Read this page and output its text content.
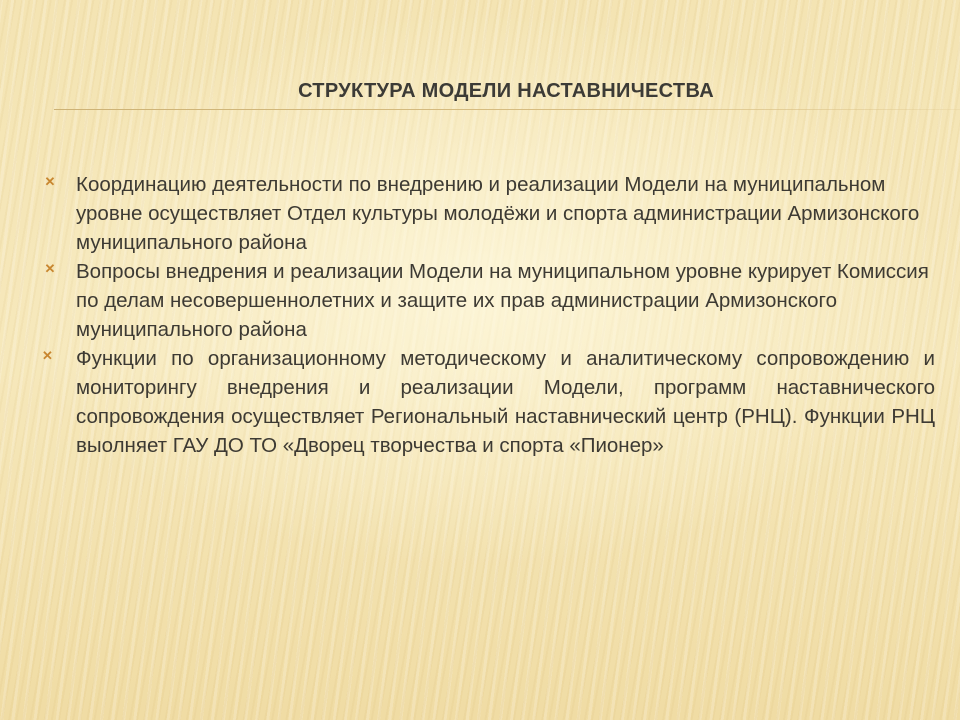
СТРУКТУРА МОДЕЛИ НАСТАВНИЧЕСТВА
✕ Координацию деятельности по внедрению и реализации Модели на муниципальном уровне осуществляет Отдел культуры молодёжи и спорта администрации Армизонского муниципального района
✕ Вопросы внедрения и реализации Модели на муниципальном уровне курирует Комиссия по делам несовершеннолетних и защите их прав администрации Армизонского муниципального района
✕ Функции по организационному методическому и аналитическому сопровождению и мониторингу внедрения и реализации Модели, программ наставнического сопровождения осуществляет Региональный наставнический центр (РНЦ). Функции РНЦ выолняет ГАУ ДО ТО «Дворец творчества и спорта «Пионер»
